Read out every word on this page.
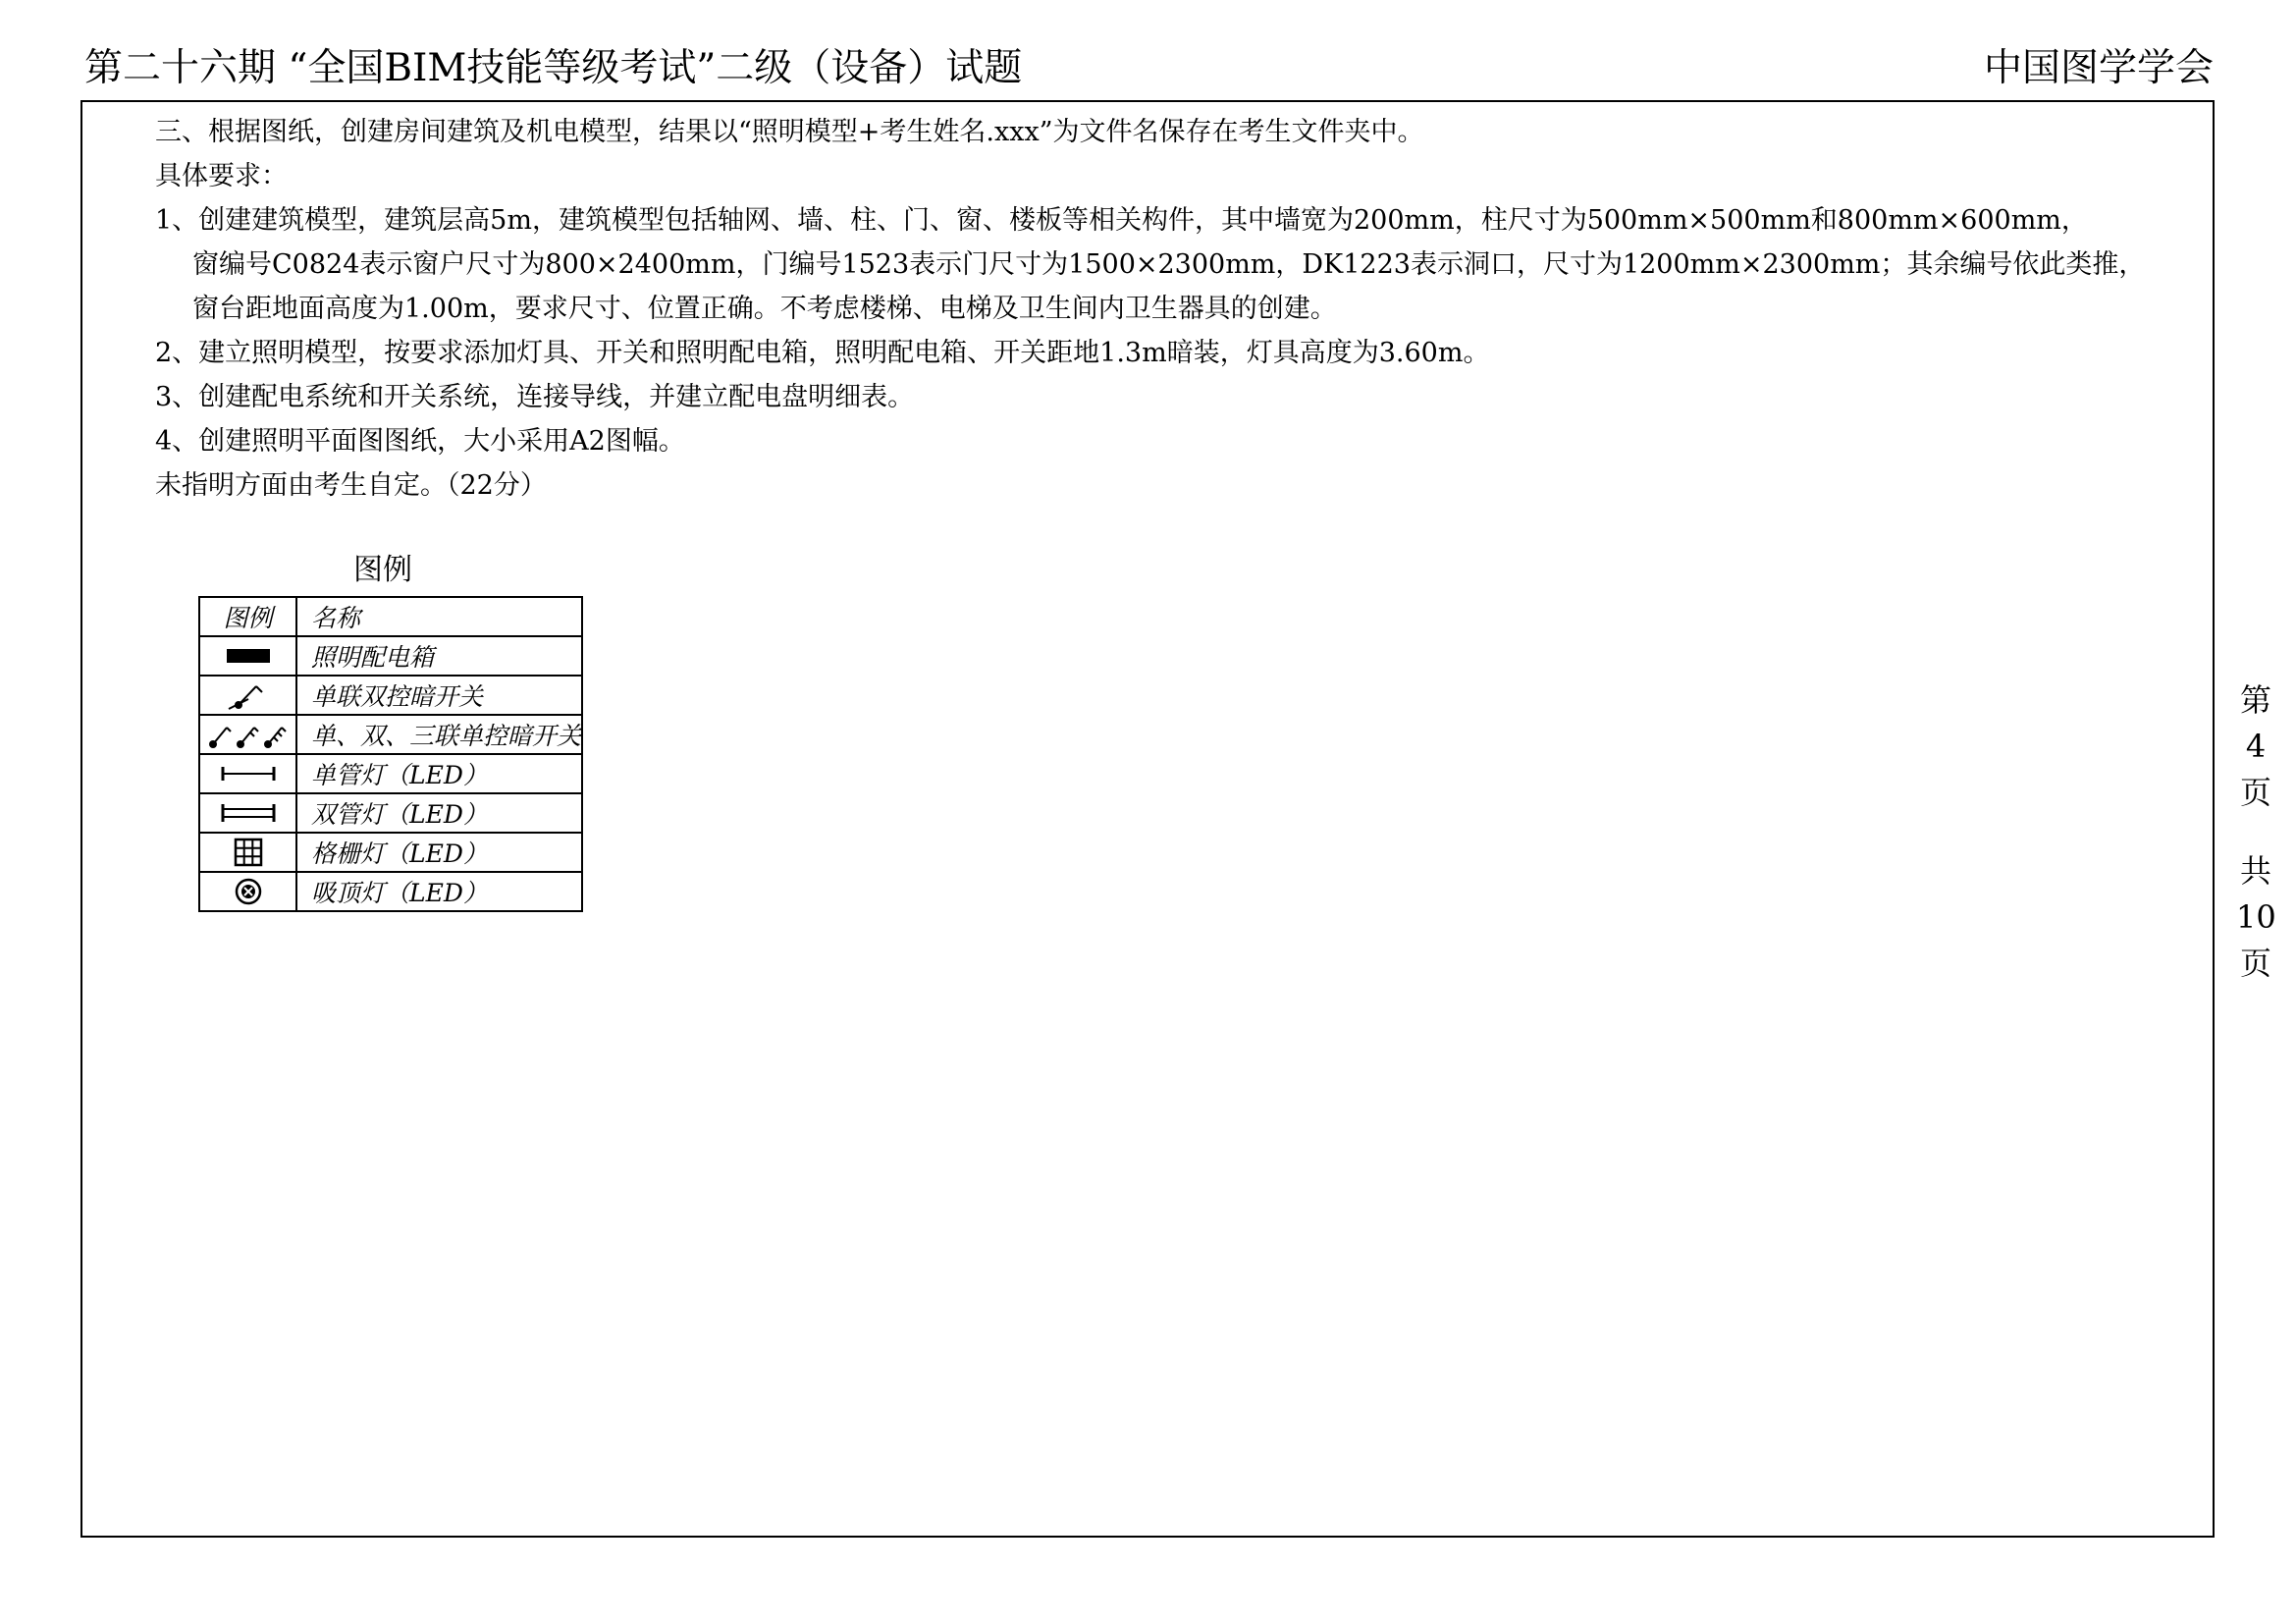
第二十六期 “全国BIM技能等级考试”二级（设备）试题	中国图学学会
三、根据图纸，创建房间建筑及机电模型，结果以“照明模型+考生姓名.xxx”为文件名保存在考生文件夹中。
具体要求：
1、创建建筑模型，建筑层高5m，建筑模型包括轴网、墙、柱、门、窗、楼板等相关构件，其中墙宽为200mm，柱尺寸为500mm×500mm和800mm×600mm，
窗编号C0824表示窗户尺寸为800×2400mm，门编号1523表示门尺寸为1500×2300mm，DK1223表示洞口，尺寸为1200mm×2300mm；其余编号依此类推，
窗台距地面高度为1.00m，要求尺寸、位置正确。不考虑楼梯、电梯及卫生间内卫生器具的创建。
2、建立照明模型，按要求添加灯具、开关和照明配电箱，照明配电箱、开关距地1.3m暗装，灯具高度为3.60m。
3、创建配电系统和开关系统，连接导线，并建立配电盘明细表。
4、创建照明平面图图纸，大小采用A2图幅。
未指明方面由考生自定。（22分）
图例
图例	名称

	照明配电箱

	单联双控暗开关

	单、双、三联单控暗开关

	单管灯（LED）

	双管灯（LED）

	格栅灯（LED）

	吸顶灯（LED）
第
4
页
共
10
页
